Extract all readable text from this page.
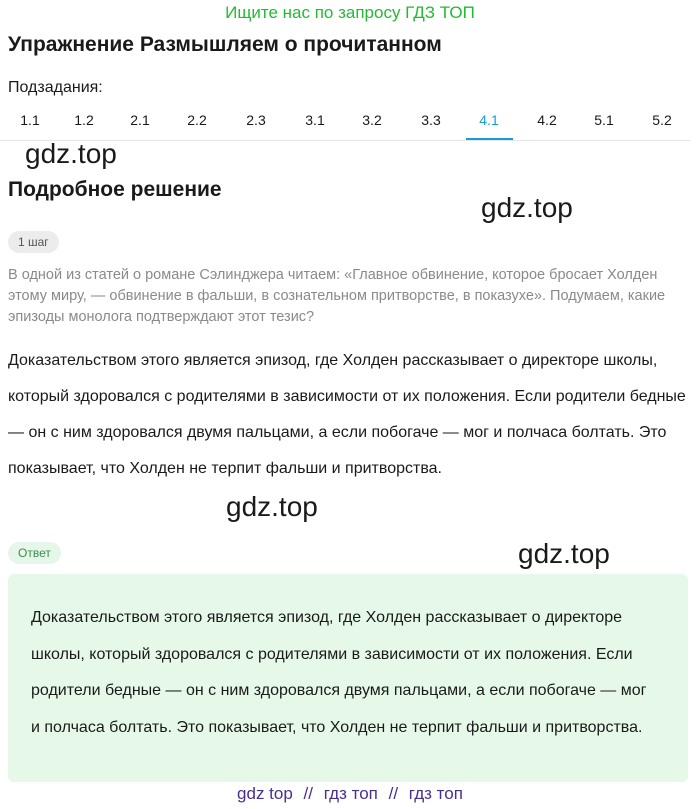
Ищите нас по запросу ГДЗ ТОП
Упражнение Размышляем о прочитанном
Подзадания:
1.1	1.2	2.1	2.2	2.3	3.1	3.2	3.3	4.1	4.2	5.1	5.2
gdz.top
Подробное решение
gdz.top
1 шаг
В одной из статей о романе Сэлинджера читаем: «Главное обвинение, которое бросает Холден этому миру, — обвинение в фальши, в сознательном притворстве, в показухе». Подумаем, какие эпизоды монолога подтверждают этот тезис?
Доказательством этого является эпизод, где Холден рассказывает о директоре школы, который здоровался с родителями в зависимости от их положения. Если родители бедные — он с ним здоровался двумя пальцами, а если побогаче — мог и полчаса болтать. Это показывает, что Холден не терпит фальши и притворства.
gdz.top
Ответ	gdz.top
Доказательством этого является эпизод, где Холден рассказывает о директоре школы, который здоровался с родителями в зависимости от их положения. Если родители бедные — он с ним здоровался двумя пальцами, а если побогаче — мог и полчаса болтать. Это показывает, что Холден не терпит фальши и притворства.
gdz top // гдз топ // гдз топ
